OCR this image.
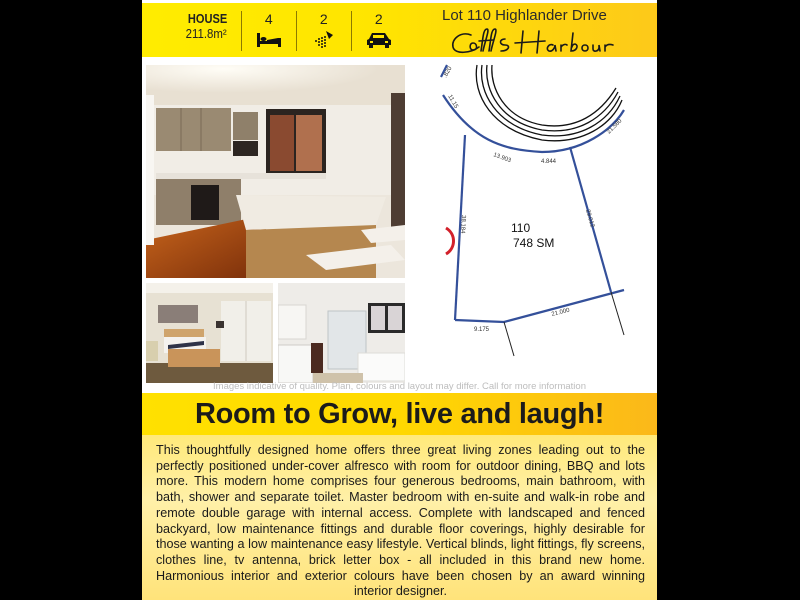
HOUSE
211.8m²
4	2	2	Lot 110 Highlander Drive
Images indicative of quality. Plan, colours and layout may differ. Call for more information
.820
11.15
13.903	4.844
21.580
38.184	29.012
21.000
9.175
110
748 SM
Room to Grow, live and laugh!

This thoughtfully designed home offers three great living zones leading out to the perfectly positioned under-cover alfresco with room for outdoor dining, BBQ and lots more. This modern home comprises four generous bedrooms, main bathroom, with bath, shower and separate toilet. Master bedroom with en-suite and walk-in robe and remote double garage with internal access. Complete with landscaped and fenced backyard, low maintenance fittings and durable floor coverings, highly desirable for those wanting a low maintenance easy lifestyle. Vertical blinds, light fittings, fly screens, clothes line, tv antenna, brick letter box - all included in this brand new home. Harmonious interior and exterior colours have been chosen by an award winning interior designer.
